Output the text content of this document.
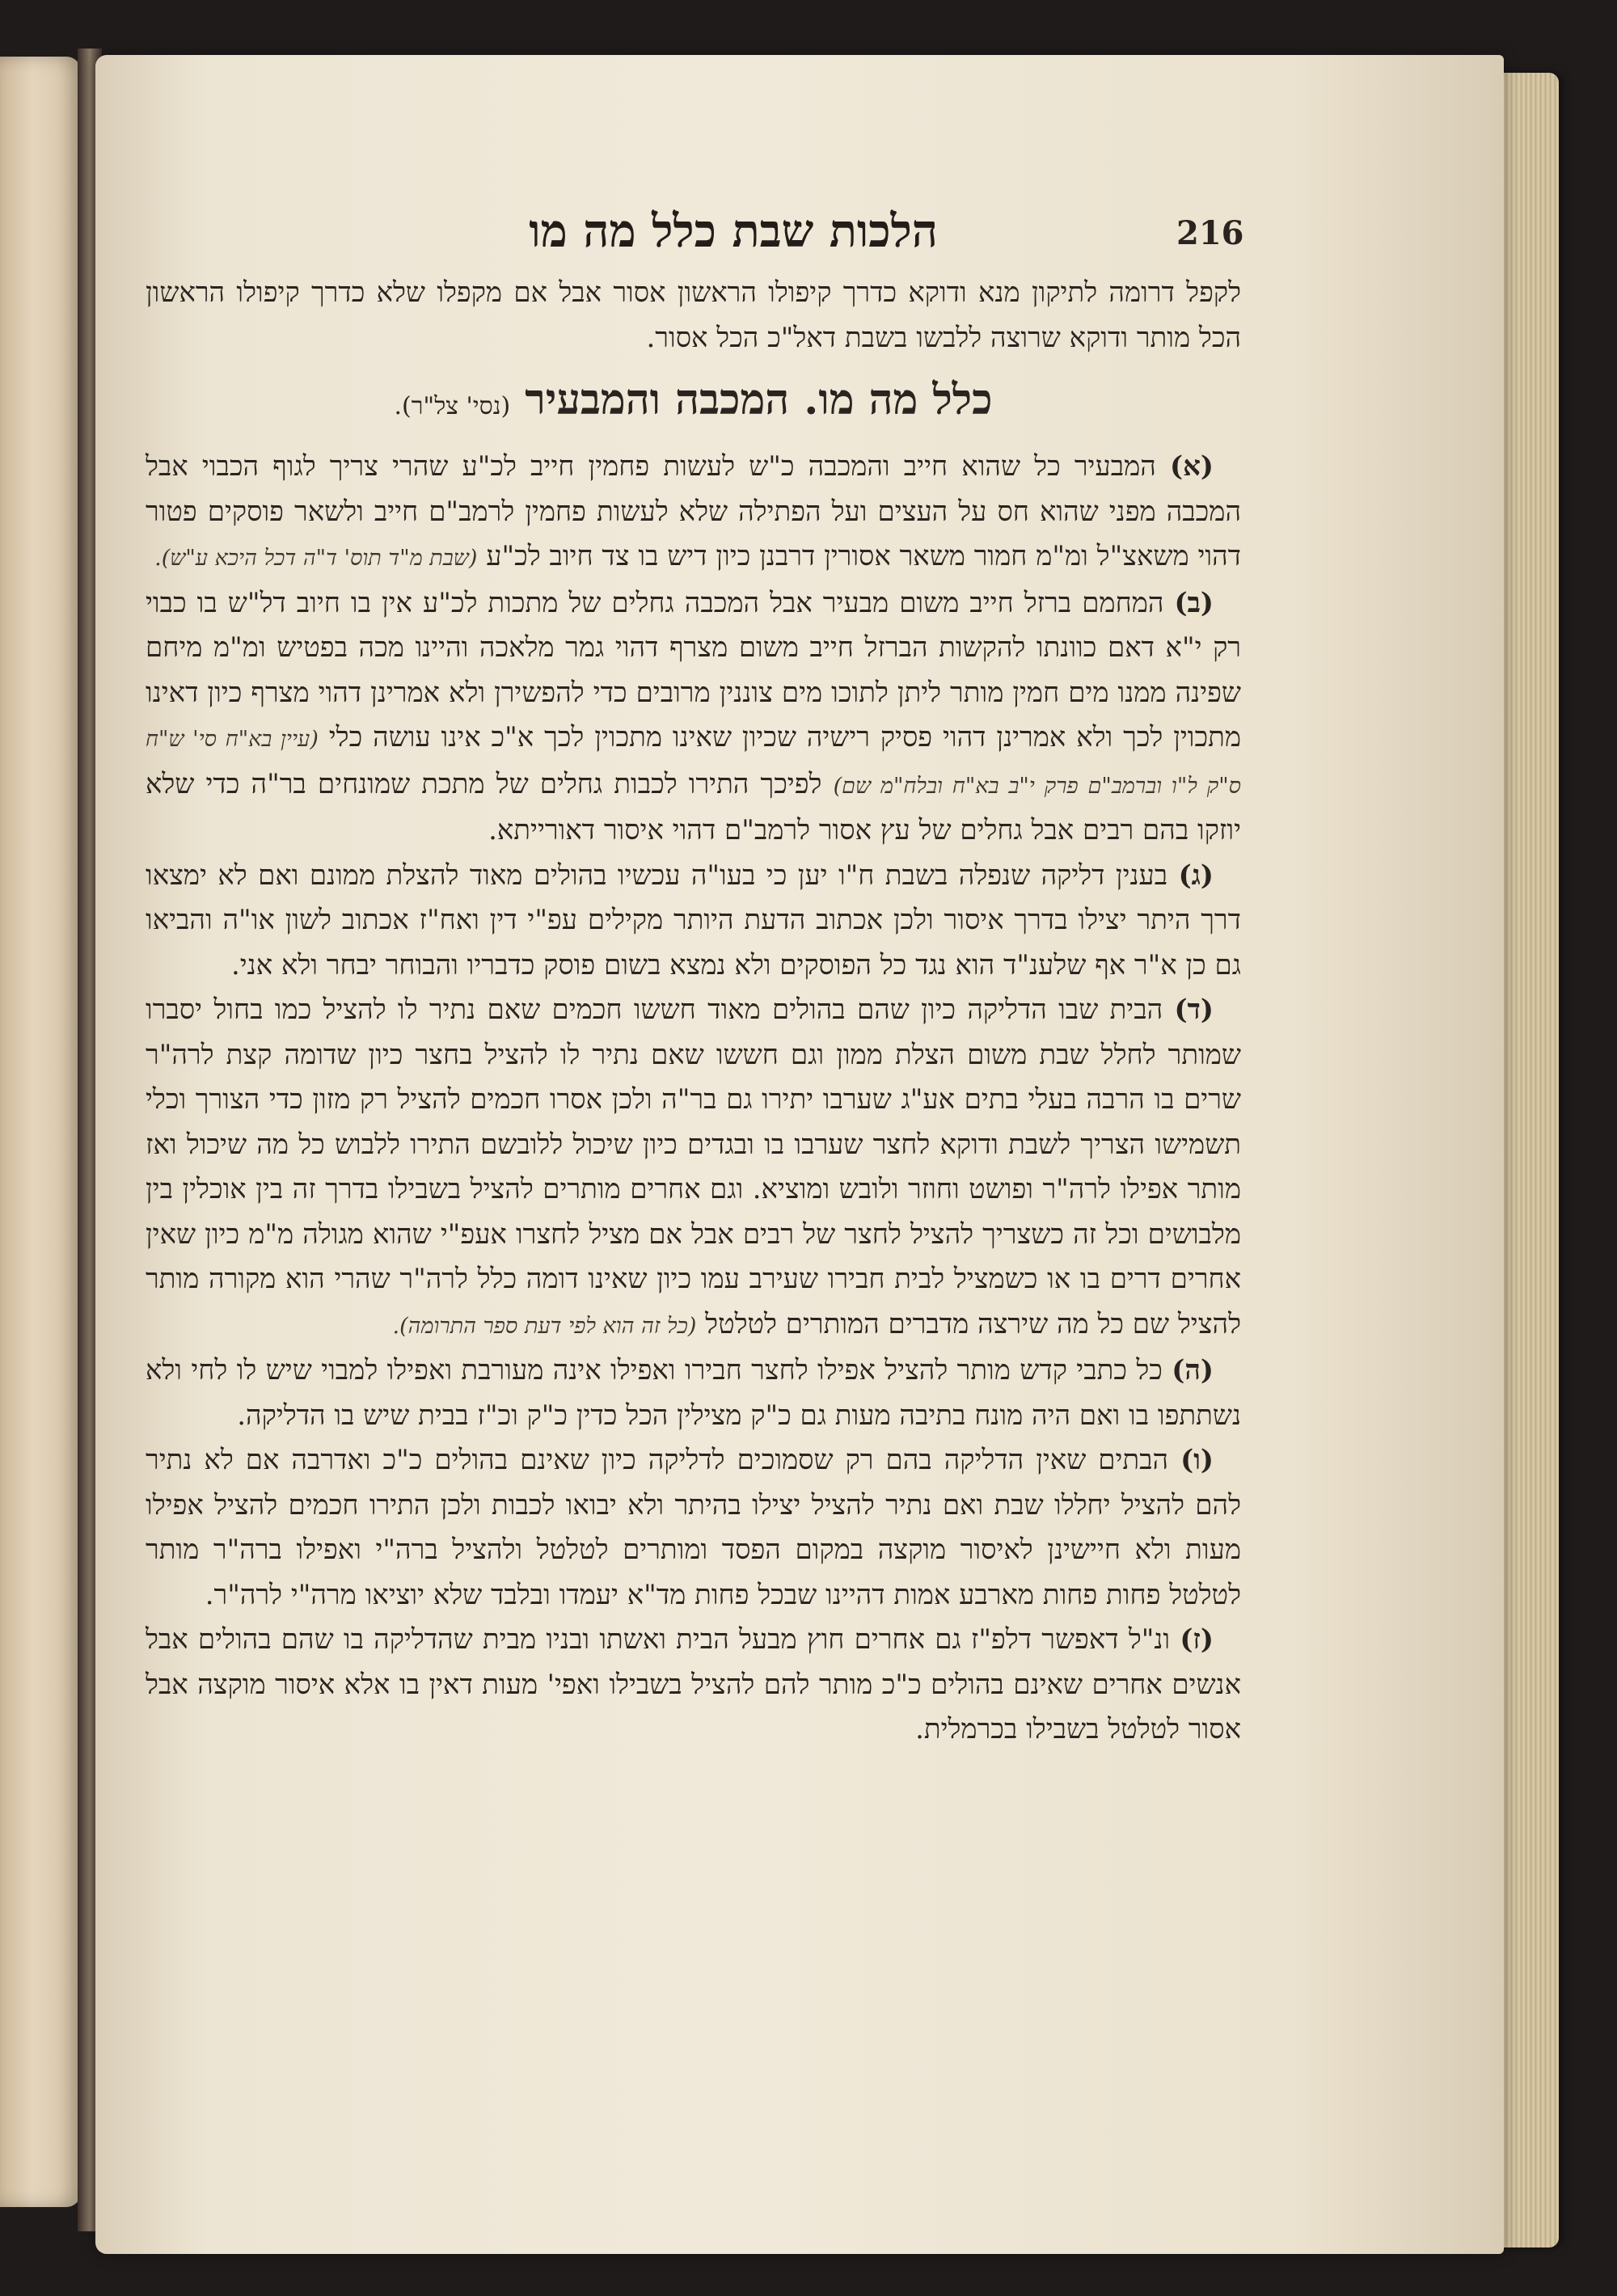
216
הלכות שבת כלל מה מו

לקפל דרומה לתיקון מנא ודוקא כדרך קיפולו הראשון אסור אבל אם מקפלו שלא כדרך קיפולו הראשון הכל מותר ודוקא שרוצה ללבשו בשבת דאל"כ הכל אסור.

כלל מה מו. המכבה והמבעיר (נסי' צל"ר).

(א) המבעיר כל שהוא חייב והמכבה כ"ש לעשות פחמין חייב לכ"ע שהרי צריך לגוף הכבוי אבל המכבה מפני שהוא חס על העצים ועל הפתילה שלא לעשות פחמין לרמב"ם חייב ולשאר פוסקים פטור דהוי משאצ"ל ומ"מ חמור משאר אסורין דרבנן כיון דיש בו צד חיוב לכ"ע (שבת מ"ד תוס' ד"ה דכל היכא ע"ש).

(ב) המחמם ברזל חייב משום מבעיר אבל המכבה גחלים של מתכות לכ"ע אין בו חיוב דל"ש בו כבוי רק י"א דאם כוונתו להקשות הברזל חייב משום מצרף דהוי גמר מלאכה והיינו מכה בפטיש ומ"מ מיחם שפינה ממנו מים חמין מותר ליתן לתוכו מים צוננין מרובים כדי להפשירן ולא אמרינן דהוי מצרף כיון דאינו מתכוין לכך ולא אמרינן דהוי פסיק רישיה שכיון שאינו מתכוין לכך א"כ אינו עושה כלי (עיין בא"ח סי' ש"ח ס"ק ל"ו וברמב"ם פרק י"ב בא"ח ובלח"מ שם) לפיכך התירו לכבות גחלים של מתכת שמונחים בר"ה כדי שלא יוזקו בהם רבים אבל גחלים של עץ אסור לרמב"ם דהוי איסור דאורייתא.

(ג) בענין דליקה שנפלה בשבת ח"ו יען כי בעו"ה עכשיו בהולים מאוד להצלת ממונם ואם לא ימצאו דרך היתר יצילו בדרך איסור ולכן אכתוב הדעת היותר מקילים עפ"י דין ואח"ז אכתוב לשון או"ה והביאו גם כן א"ר אף שלענ"ד הוא נגד כל הפוסקים ולא נמצא בשום פוסק כדבריו והבוחר יבחר ולא אני.

(ד) הבית שבו הדליקה כיון שהם בהולים מאוד חששו חכמים שאם נתיר לו להציל כמו בחול יסברו שמותר לחלל שבת משום הצלת ממון וגם חששו שאם נתיר לו להציל בחצר כיון שדומה קצת לרה"ר שרים בו הרבה בעלי בתים אע"ג שערבו יתירו גם בר"ה ולכן אסרו חכמים להציל רק מזון כדי הצורך וכלי תשמישו הצריך לשבת ודוקא לחצר שערבו בו ובגדים כיון שיכול ללובשם התירו ללבוש כל מה שיכול ואז מותר אפילו לרה"ר ופושט וחוזר ולובש ומוציא. וגם אחרים מותרים להציל בשבילו בדרך זה בין אוכלין בין מלבושים וכל זה כשצריך להציל לחצר של רבים אבל אם מציל לחצרו אעפ"י שהוא מגולה מ"מ כיון שאין אחרים דרים בו או כשמציל לבית חבירו שעירב עמו כיון שאינו דומה כלל לרה"ר שהרי הוא מקורה מותר להציל שם כל מה שירצה מדברים המותרים לטלטל (כל זה הוא לפי דעת ספר התרומה).

(ה) כל כתבי קדש מותר להציל אפילו לחצר חבירו ואפילו אינה מעורבת ואפילו למבוי שיש לו לחי ולא נשתתפו בו ואם היה מונח בתיבה מעות גם כ"ק מצילין הכל כדין כ"ק וכ"ז בבית שיש בו הדליקה.

(ו) הבתים שאין הדליקה בהם רק שסמוכים לדליקה כיון שאינם בהולים כ"כ ואדרבה אם לא נתיר להם להציל יחללו שבת ואם נתיר להציל יצילו בהיתר ולא יבואו לכבות ולכן התירו חכמים להציל אפילו מעות ולא חיישינן לאיסור מוקצה במקום הפסד ומותרים לטלטל ולהציל ברה"י ואפילו ברה"ר מותר לטלטל פחות פחות מארבע אמות דהיינו שבכל פחות מד"א יעמדו ובלבד שלא יוציאו מרה"י לרה"ר.

(ז) ונ"ל דאפשר דלפ"ז גם אחרים חוץ מבעל הבית ואשתו ובניו מבית שהדליקה בו שהם בהולים אבל אנשים אחרים שאינם בהולים כ"כ מותר להם להציל בשבילו ואפי' מעות דאין בו אלא איסור מוקצה אבל אסור לטלטל בשבילו בכרמלית.
